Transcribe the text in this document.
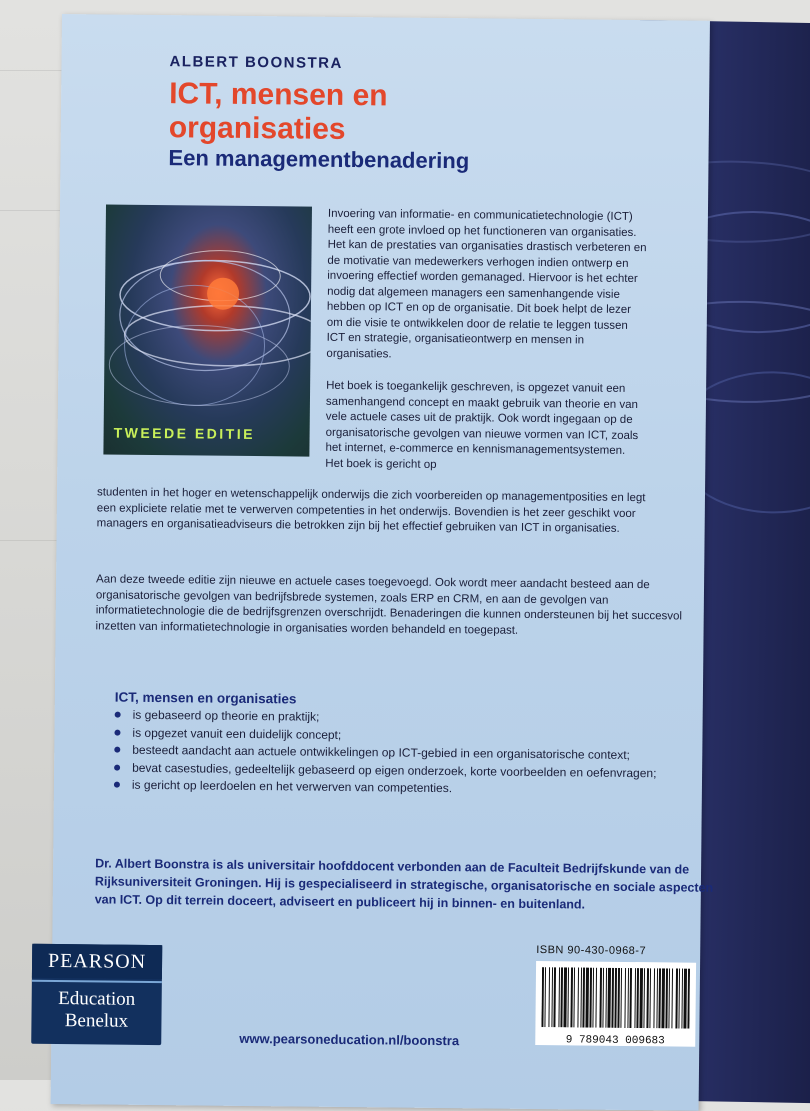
ALBERT BOONSTRA
ICT, mensen en
organisaties
Een managementbenadering
TWEEDE EDITIE
Invoering van informatie- en communicatietechnologie (ICT) heeft een grote invloed op het functioneren van organisaties. Het kan de prestaties van organisaties drastisch verbeteren en de motivatie van medewerkers verhogen indien ontwerp en invoering effectief worden gemanaged. Hiervoor is het echter nodig dat algemeen managers een samenhangende visie hebben op ICT en op de organisatie. Dit boek helpt de lezer om die visie te ontwikkelen door de relatie te leggen tussen ICT en strategie, organisatieontwerp en mensen in organisaties.
Het boek is toegankelijk geschreven, is opgezet vanuit een samenhangend concept en maakt gebruik van theorie en van vele actuele cases uit de praktijk. Ook wordt ingegaan op de organisatorische gevolgen van nieuwe vormen van ICT, zoals het internet, e-commerce en kennismanagementsystemen. Het boek is gericht op
studenten in het hoger en wetenschappelijk onderwijs die zich voorbereiden op managementposities en legt een expliciete relatie met te verwerven competenties in het onderwijs. Bovendien is het zeer geschikt voor managers en organisatieadviseurs die betrokken zijn bij het effectief gebruiken van ICT in organisaties.
Aan deze tweede editie zijn nieuwe en actuele cases toegevoegd. Ook wordt meer aandacht besteed aan de organisatorische gevolgen van bedrijfsbrede systemen, zoals ERP en CRM, en aan de gevolgen van informatietechnologie die de bedrijfsgrenzen overschrijdt. Benaderingen die kunnen ondersteunen bij het succesvol inzetten van informatietechnologie in organisaties worden behandeld en toegepast.
ICT, mensen en organisaties
is gebaseerd op theorie en praktijk;
is opgezet vanuit een duidelijk concept;
besteedt aandacht aan actuele ontwikkelingen op ICT-gebied in een organisatorische context;
bevat casestudies, gedeeltelijk gebaseerd op eigen onderzoek, korte voorbeelden en oefenvragen;
is gericht op leerdoelen en het verwerven van competenties.
Dr. Albert Boonstra is als universitair hoofddocent verbonden aan de Faculteit Bedrijfskunde van de Rijksuniversiteit Groningen. Hij is gespecialiseerd in strategische, organisatorische en sociale aspecten van ICT. Op dit terrein doceert, adviseert en publiceert hij in binnen- en buitenland.
PEARSON
Education
Benelux
www.pearsoneducation.nl/boonstra
ISBN 90-430-0968-7
9 789043 009683
